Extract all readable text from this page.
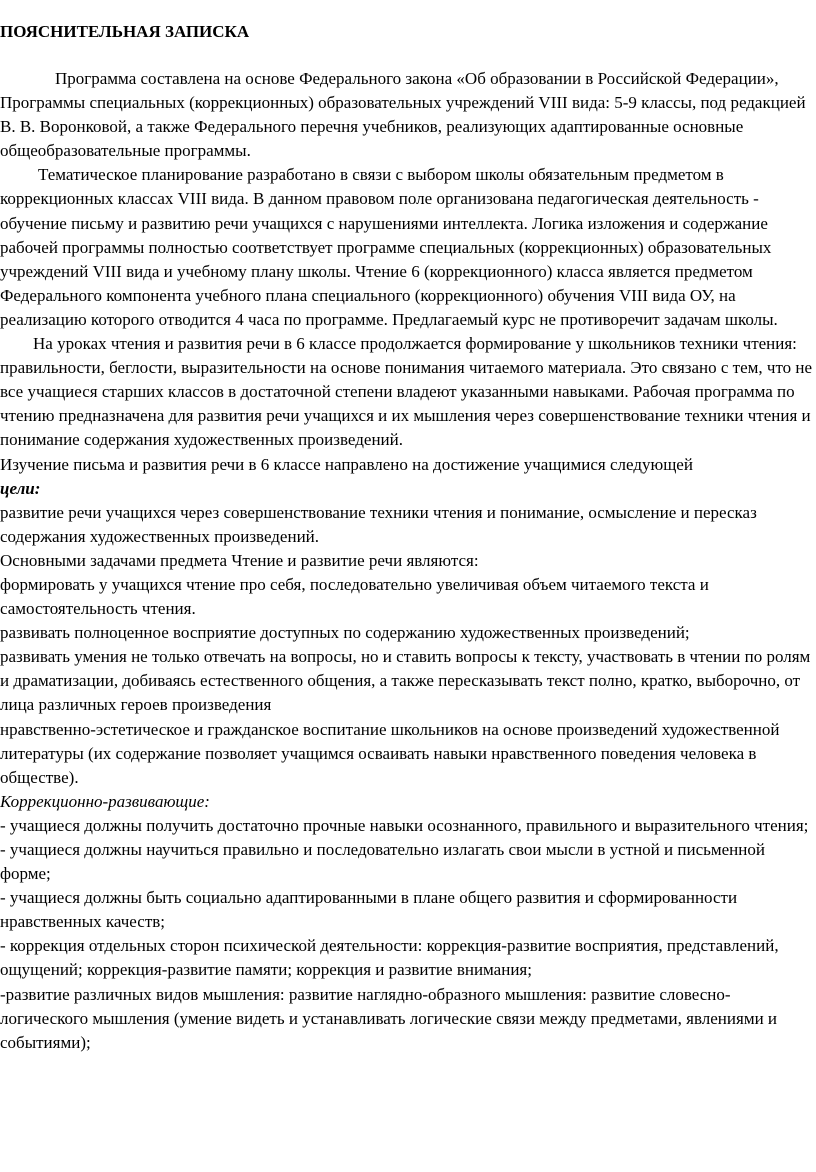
ПОЯСНИТЕЛЬНАЯ ЗАПИСКА

Программа составлена на основе Федерального закона «Об образовании в Российской Федерации», Программы специальных (коррекционных) образовательных учреждений VIII вида: 5-9 классы, под редакцией В. В. Воронковой, а также Федерального перечня учебников, реализующих адаптированные основные общеобразовательные программы.

Тематическое планирование разработано в связи с выбором школы обязательным предметом в коррекционных классах VIII вида. В данном правовом поле организована педагогическая деятельность - обучение письму и развитию речи учащихся с нарушениями интеллекта. Логика изложения и содержание рабочей программы полностью соответствует программе специальных (коррекционных) образовательных учреждений VIII вида и учебному плану школы. Чтение 6 (коррекционного) класса является предметом Федерального компонента учебного плана специального (коррекционного) обучения VIII вида ОУ, на реализацию которого отводится 4 часа по программе. Предлагаемый курс не противоречит задачам школы.

На уроках чтения и развития речи в 6 классе продолжается формирование у школьников техники чтения: правильности, беглости, выразительности на основе понимания читаемого материала. Это связано с тем, что не все учащиеся старших классов в достаточной степени владеют указанными навыками. Рабочая программа по чтению предназначена для развития речи учащихся и их мышления через совершенствование техники чтения и понимание содержания художественных произведений.

Изучение письма и развития речи в 6 классе направлено на достижение учащимися следующей

цели:

развитие речи учащихся через совершенствование техники чтения и понимание, осмысление и пересказ содержания художественных произведений.

Основными задачами предмета Чтение и развитие речи являются:

формировать у учащихся чтение про себя, последовательно увеличивая объем читаемого текста и самостоятельность чтения.

развивать полноценное восприятие доступных по содержанию художественных произведений;

развивать умения не только отвечать на вопросы, но и ставить вопросы к тексту, участвовать в чтении по ролям и драматизации, добиваясь естественного общения, а также пересказывать текст полно, кратко, выборочно, от лица различных героев произведения

нравственно-эстетическое и гражданское воспитание школьников на основе произведений художественной литературы (их содержание позволяет учащимся осваивать навыки нравственного поведения человека в обществе).

Коррекционно-развивающие:

- учащиеся должны получить достаточно прочные навыки осознанного, правильного и выразительного чтения;

- учащиеся должны научиться правильно и последовательно излагать свои мысли в устной и письменной форме;

- учащиеся должны быть социально адаптированными в плане общего развития и сформированности нравственных качеств;

- коррекция отдельных сторон психической деятельности: коррекция-развитие восприятия, представлений, ощущений; коррекция-развитие памяти; коррекция и развитие внимания;

-развитие различных видов мышления: развитие наглядно-образного мышления: развитие словесно-логического мышления (умение видеть и устанавливать логические связи между предметами, явлениями и событиями);
